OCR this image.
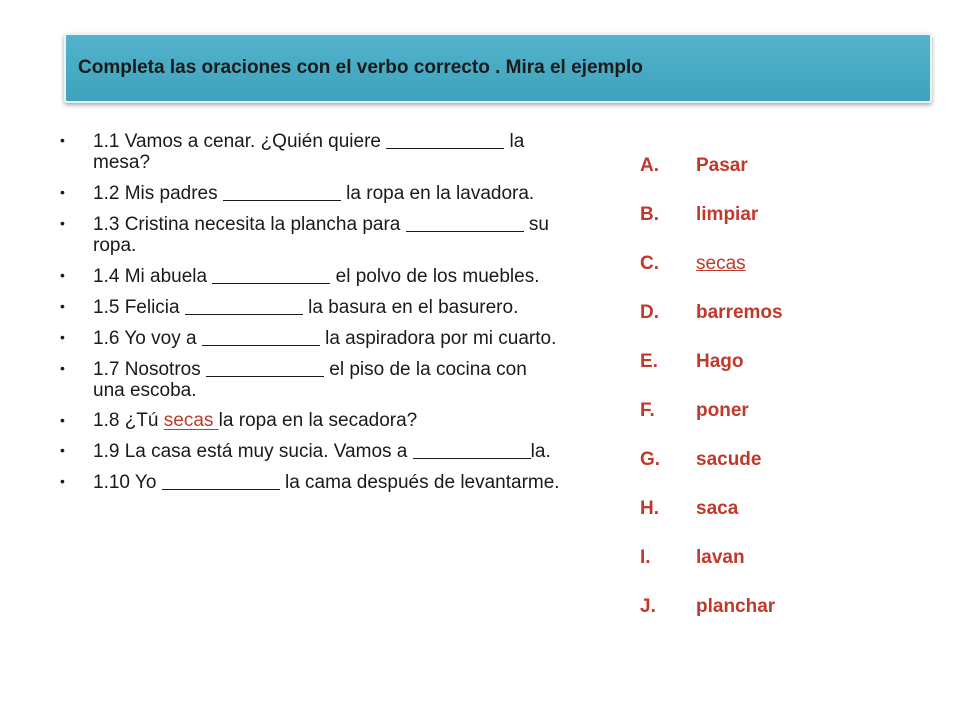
Completa las oraciones con el verbo correcto . Mira el ejemplo
• 1.1 Vamos a cenar. ¿Quién quiere	la mesa?
• 1.2 Mis padres	la ropa en la lavadora.
• 1.3 Cristina necesita la plancha para	su ropa.
• 1.4 Mi abuela	el polvo de los muebles.
• 1.5 Felicia	la basura en el basurero.
• 1.6 Yo voy a	la aspiradora por mi cuarto.
• 1.7 Nosotros	el piso de la cocina con una escoba.
• 1.8 ¿Tú secas la ropa en la secadora?
• 1.9 La casa está muy sucia. Vamos a	la.
• 1.10 Yo	la cama después de levantarme.
A.	Pasar
B.	limpiar
C.	secas
D.	barremos
E.	Hago
F.	poner
G.	sacude
H.	saca
I.	lavan
J.	planchar
